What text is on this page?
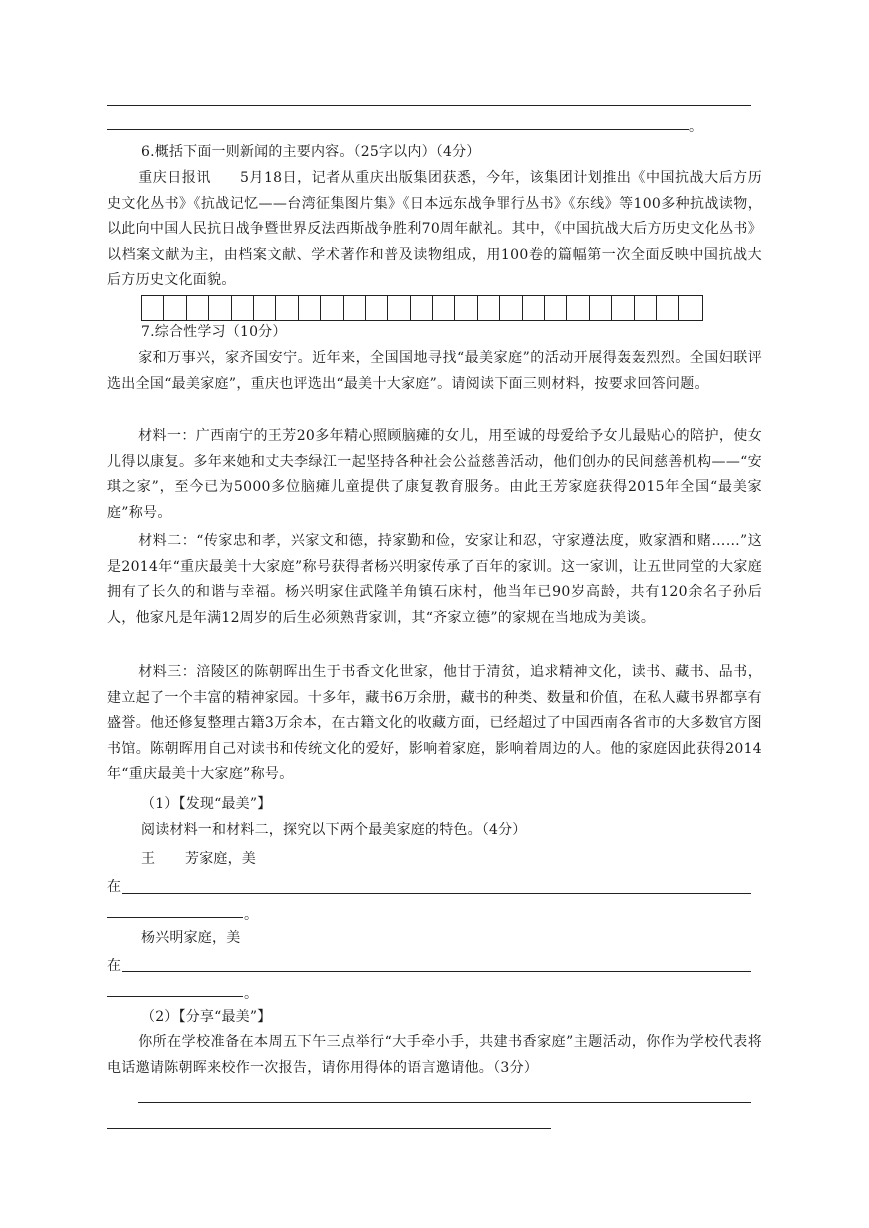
。
6.概括下面一则新闻的主要内容。（25字以内）（4分）
重庆日报讯　　5月18日，记者从重庆出版集团获悉，今年，该集团计划推出《中国抗战大后方历史文化丛书》《抗战记忆——台湾征集图片集》《日本远东战争罪行丛书》《东线》等100多种抗战读物，以此向中国人民抗日战争暨世界反法西斯战争胜利70周年献礼。其中，《中国抗战大后方历史文化丛书》以档案文献为主，由档案文献、学术著作和普及读物组成，用100卷的篇幅第一次全面反映中国抗战大后方历史文化面貌。
7.综合性学习（10分）
家和万事兴，家齐国安宁。近年来，全国国地寻找“最美家庭”的活动开展得轰轰烈烈。全国妇联评选出全国“最美家庭”，重庆也评选出“最美十大家庭”。请阅读下面三则材料，按要求回答问题。
材料一：广西南宁的王芳20多年精心照顾脑瘫的女儿，用至诚的母爱给予女儿最贴心的陪护，使女儿得以康复。多年来她和丈夫李绿江一起坚持各种社会公益慈善活动，他们创办的民间慈善机构——“安琪之家”，至今已为5000多位脑瘫儿童提供了康复教育服务。由此王芳家庭获得2015年全国“最美家庭”称号。
材料二：“传家忠和孝，兴家文和德，持家勤和俭，安家让和忍，守家遵法度，败家酒和赌……”这是2014年“重庆最美十大家庭”称号获得者杨兴明家传承了百年的家训。这一家训，让五世同堂的大家庭拥有了长久的和谐与幸福。杨兴明家住武隆羊角镇石床村，他当年已90岁高龄，共有120余名子孙后人，他家凡是年满12周岁的后生必须熟背家训，其“齐家立德”的家规在当地成为美谈。
材料三：涪陵区的陈朝晖出生于书香文化世家，他甘于清贫，追求精神文化，读书、藏书、品书，建立起了一个丰富的精神家园。十多年，藏书6万余册，藏书的种类、数量和价值，在私人藏书界都享有盛誉。他还修复整理古籍3万余本，在古籍文化的收藏方面，已经超过了中国西南各省市的大多数官方图书馆。陈朝晖用自己对读书和传统文化的爱好，影响着家庭，影响着周边的人。他的家庭因此获得2014年“重庆最美十大家庭”称号。
（1）【发现“最美”】
阅读材料一和材料二，探究以下两个最美家庭的特色。（4分）
王 芳家庭，美
在
。
杨兴明家庭，美
在
。
（2）【分享“最美”】
你所在学校准备在本周五下午三点举行“大手牵小手，共建书香家庭”主题活动，你作为学校代表将电话邀请陈朝晖来校作一次报告，请你用得体的语言邀请他。（3分）
